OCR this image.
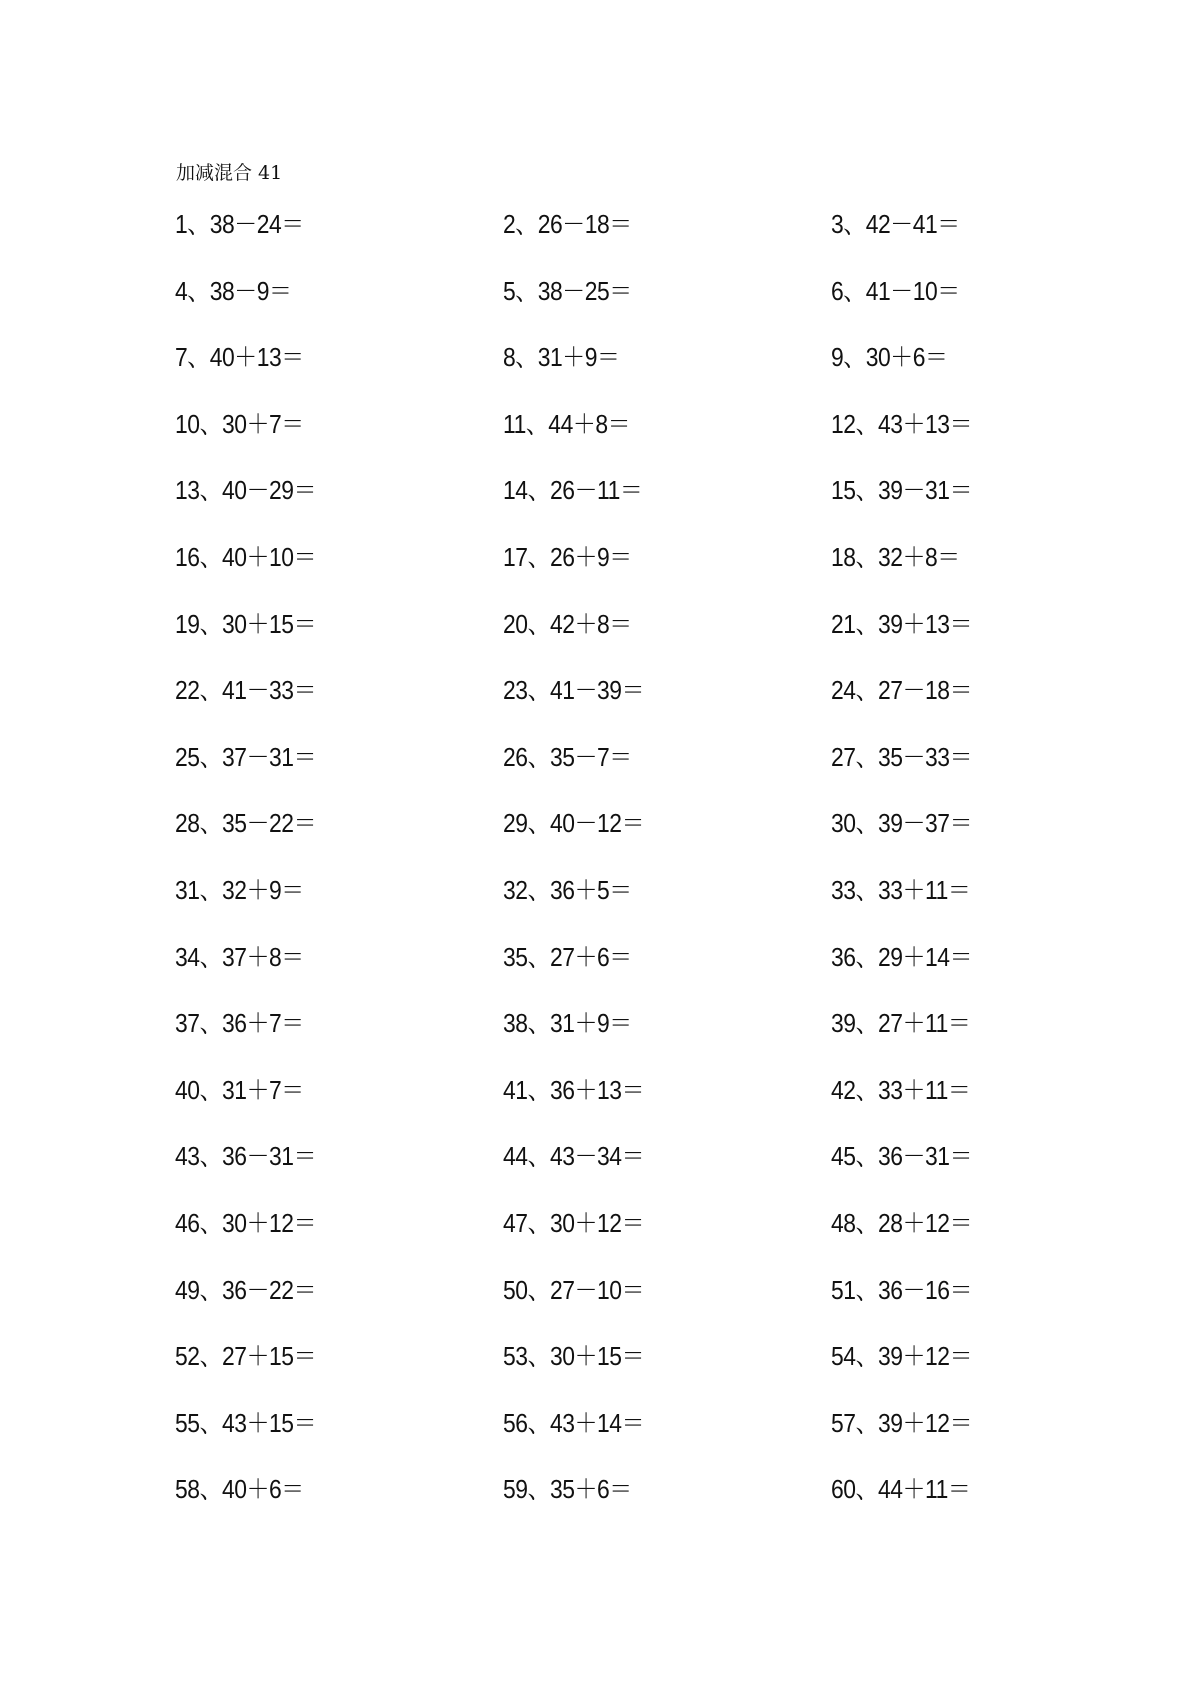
加减混合 41
1、38－24＝	2、26－18＝	3、42－41＝
4、38－9＝	5、38－25＝	6、41－10＝
7、40＋13＝	8、31＋9＝	9、30＋6＝
10、30＋7＝	11、44＋8＝	12、43＋13＝
13、40－29＝	14、26－11＝	15、39－31＝
16、40＋10＝	17、26＋9＝	18、32＋8＝
19、30＋15＝	20、42＋8＝	21、39＋13＝
22、41－33＝	23、41－39＝	24、27－18＝
25、37－31＝	26、35－7＝	27、35－33＝
28、35－22＝	29、40－12＝	30、39－37＝
31、32＋9＝	32、36＋5＝	33、33＋11＝
34、37＋8＝	35、27＋6＝	36、29＋14＝
37、36＋7＝	38、31＋9＝	39、27＋11＝
40、31＋7＝	41、36＋13＝	42、33＋11＝
43、36－31＝	44、43－34＝	45、36－31＝
46、30＋12＝	47、30＋12＝	48、28＋12＝
49、36－22＝	50、27－10＝	51、36－16＝
52、27＋15＝	53、30＋15＝	54、39＋12＝
55、43＋15＝	56、43＋14＝	57、39＋12＝
58、40＋6＝	59、35＋6＝	60、44＋11＝
